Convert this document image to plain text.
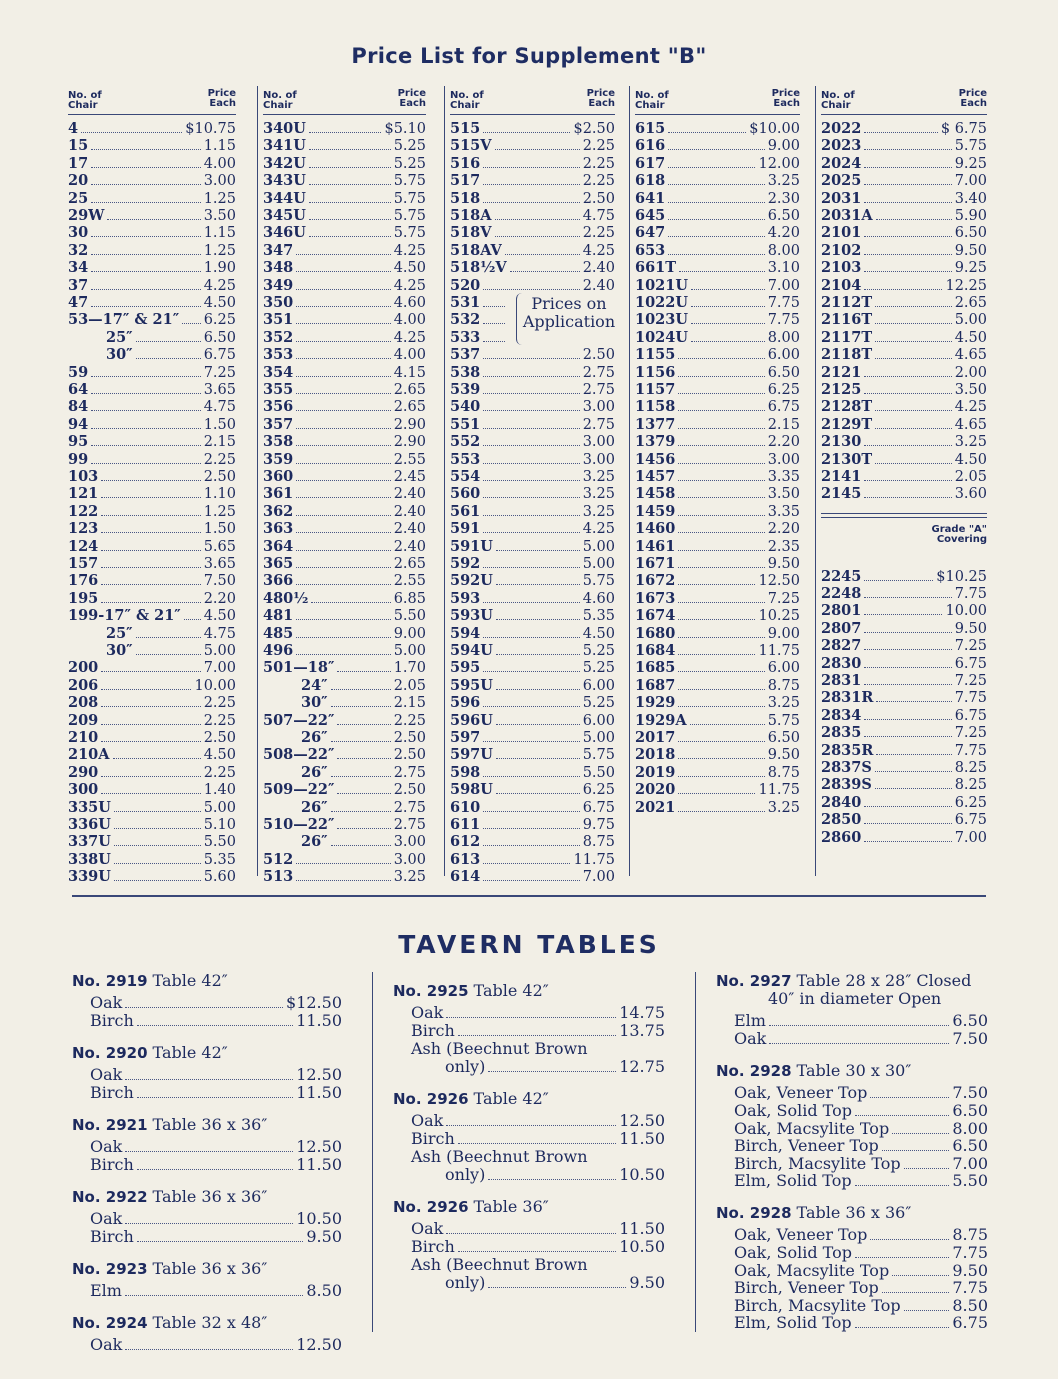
Price List for Supplement "B"
No. of
Chair
Price
Each
4	$10.75
15	1.15
17	4.00
20	3.00
25	1.25
29W	3.50
30	1.15
32	1.25
34	1.90
37	4.25
47	4.50
53—17″ & 21″ 6.25
25″	6.50
30″	6.75
59	7.25
64	3.65
84	4.75
94	1.50
95	2.15
99	2.25
103	2.50
121	1.10
122	1.25
123	1.50
124	5.65
157	3.65
176	7.50
195	2.20
199-17″ & 21″ 4.50
25″	4.75
30″	5.00
200	7.00
206	10.00
208	2.25
209	2.25
210	2.50
210A	4.50
290	2.25
300	1.40
335U	5.00
336U	5.10
337U	5.50
338U	5.35
339U	5.60
No. of
Chair
Price
Each
340U	$5.10
341U	5.25
342U	5.25
343U	5.75
344U	5.75
345U	5.75
346U	5.75
347	4.25
348	4.50
349	4.25
350	4.60
351	4.00
352	4.25
353	4.00
354	4.15
355	2.65
356	2.65
357	2.90
358	2.90
359	2.55
360	2.45
361	2.40
362	2.40
363	2.40
364	2.40
365	2.65
366	2.55
480½	6.85
481	5.50
485	9.00
496	5.00
501—18″	1.70
24″	2.05
30″	2.15
507—22″	2.25
26″	2.50
508—22″	2.50
26″	2.75
509—22″	2.50
26″	2.75
510—22″	2.75
26″	3.00
512	3.00
513	3.25
No. of
Chair
Price
Each
515	$2.50
515V	2.25
516	2.25
517	2.25
518	2.50
518A	4.75
518V	2.25
518AV	4.25
518½V	2.40
520	2.40
531
532
533
537	2.50
538	2.75
539	2.75
540	3.00
551	2.75
552	3.00
553	3.00
554	3.25
560	3.25
561	3.25
591	4.25
591U	5.00
592	5.00
592U	5.75
593	4.60
593U	5.35
594	4.50
594U	5.25
595	5.25
595U	6.00
596	5.25
596U	6.00
597	5.00
597U	5.75
598	5.50
598U	6.25
610	6.75
611	9.75
612	8.75
613	11.75
614	7.00
Prices on
Application
No. of
Chair
Price
Each
615	$10.00
616	9.00
617	12.00
618	3.25
641	2.30
645	6.50
647	4.20
653	8.00
661T	3.10
1021U	7.00
1022U	7.75
1023U	7.75
1024U	8.00
1155	6.00
1156	6.50
1157	6.25
1158	6.75
1377	2.15
1379	2.20
1456	3.00
1457	3.35
1458	3.50
1459	3.35
1460	2.20
1461	2.35
1671	9.50
1672	12.50
1673	7.25
1674	10.25
1680	9.00
1684	11.75
1685	6.00
1687	8.75
1929	3.25
1929A	5.75
2017	6.50
2018	9.50
2019	8.75
2020	11.75
2021	3.25
No. of
Chair
Price
Each
2022	$ 6.75
2023	5.75
2024	9.25
2025	7.00
2031	3.40
2031A	5.90
2101	6.50
2102	9.50
2103	9.25
2104	12.25
2112T	2.65
2116T	5.00
2117T	4.50
2118T	4.65
2121	2.00
2125	3.50
2128T	4.25
2129T	4.65
2130	3.25
2130T	4.50
2141	2.05
2145	3.60
Grade "A"
Covering
2245	$10.25
2248	7.75
2801	10.00
2807	9.50
2827	7.25
2830	6.75
2831	7.25
2831R	7.75
2834	6.75
2835	7.25
2835R	7.75
2837S	8.25
2839S	8.25
2840	6.25
2850	6.75
2860	7.00
TAVERN TABLES
No. 2919 Table 42″
Oak	$12.50
Birch	11.50
No. 2920 Table 42″
Oak	12.50
Birch	11.50
No. 2921 Table 36 x 36″
Oak	12.50
Birch	11.50
No. 2922 Table 36 x 36″
Oak	10.50
Birch	9.50
No. 2923 Table 36 x 36″
Elm	8.50
No. 2924 Table 32 x 48″
Oak	12.50
No. 2925 Table 42″
Oak	14.75
Birch	13.75
Ash (Beechnut Brown
only)	12.75
No. 2926 Table 42″
Oak	12.50
Birch	11.50
Ash (Beechnut Brown
only)	10.50
No. 2926 Table 36″
Oak	11.50
Birch	10.50
Ash (Beechnut Brown
only)	9.50
No. 2927 Table 28 x 28″ Closed
40″ in diameter Open
Elm	6.50
Oak	7.50
No. 2928 Table 30 x 30″
Oak, Veneer Top	7.50
Oak, Solid Top	6.50
Oak, Macsylite Top	8.00
Birch, Veneer Top	6.50
Birch, Macsylite Top	7.00
Elm, Solid Top	5.50
No. 2928 Table 36 x 36″
Oak, Veneer Top	8.75
Oak, Solid Top	7.75
Oak, Macsylite Top	9.50
Birch, Veneer Top	7.75
Birch, Macsylite Top	8.50
Elm, Solid Top	6.75
